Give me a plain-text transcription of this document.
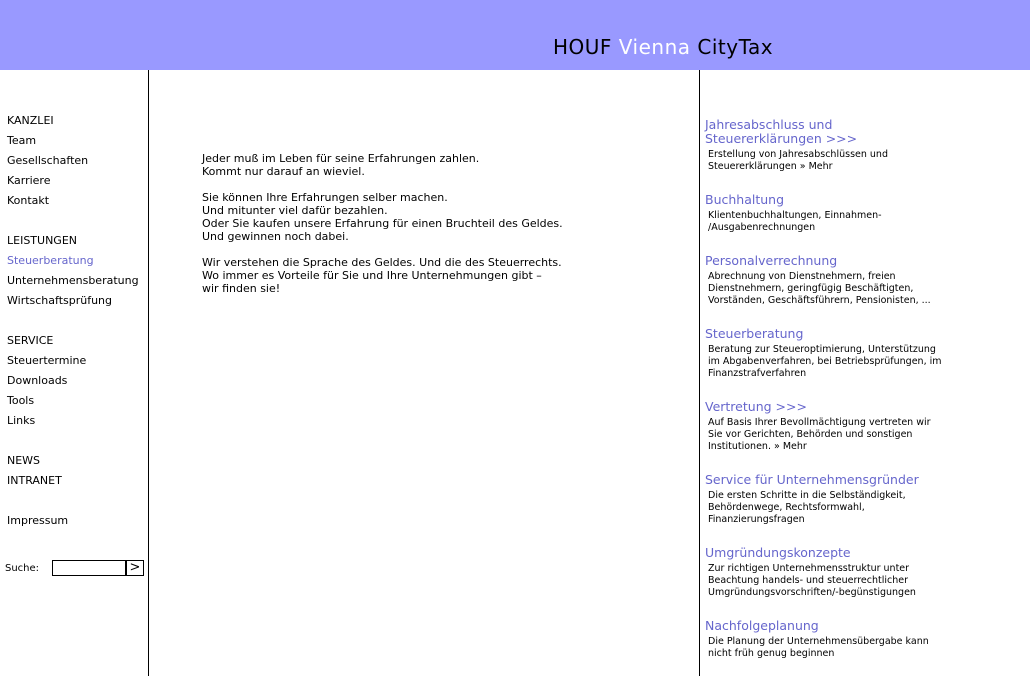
HOUF Vienna CityTax
KANZLEI
Team
Gesellschaften
Karriere
Kontakt
LEISTUNGEN
Steuerberatung
Unternehmensberatung
Wirtschaftsprüfung
SERVICE
Steuertermine
Downloads
Tools
Links
NEWS
INTRANET
Impressum
Suche:	>

Jeder muß im Leben für seine Erfahrungen zahlen.
Kommt nur darauf an wieviel.

Sie können Ihre Erfahrungen selber machen.
Und mitunter viel dafür bezahlen.
Oder Sie kaufen unsere Erfahrung für einen Bruchteil des Geldes.
Und gewinnen noch dabei.

Wir verstehen die Sprache des Geldes. Und die des Steuerrechts.
Wo immer es Vorteile für Sie und Ihre Unternehmungen gibt –
wir finden sie!

Jahresabschluss und
Steuererklärungen >>>
Erstellung von Jahresabschlüssen und
Steuererklärungen » Mehr
Buchhaltung
Klientenbuchhaltungen, Einnahmen-
/Ausgabenrechnungen
Personalverrechnung
Abrechnung von Dienstnehmern, freien
Dienstnehmern, geringfügig Beschäftigten,
Vorständen, Geschäftsführern, Pensionisten, ...
Steuerberatung
Beratung zur Steueroptimierung, Unterstützung
im Abgabenverfahren, bei Betriebsprüfungen, im
Finanzstrafverfahren
Vertretung >>>
Auf Basis Ihrer Bevollmächtigung vertreten wir
Sie vor Gerichten, Behörden und sonstigen
Institutionen. » Mehr
Service für Unternehmensgründer
Die ersten Schritte in die Selbständigkeit,
Behördenwege, Rechtsformwahl,
Finanzierungsfragen
Umgründungskonzepte
Zur richtigen Unternehmensstruktur unter
Beachtung handels- und steuerrechtlicher
Umgründungsvorschriften/-begünstigungen
Nachfolgeplanung
Die Planung der Unternehmensübergabe kann
nicht früh genug beginnen
